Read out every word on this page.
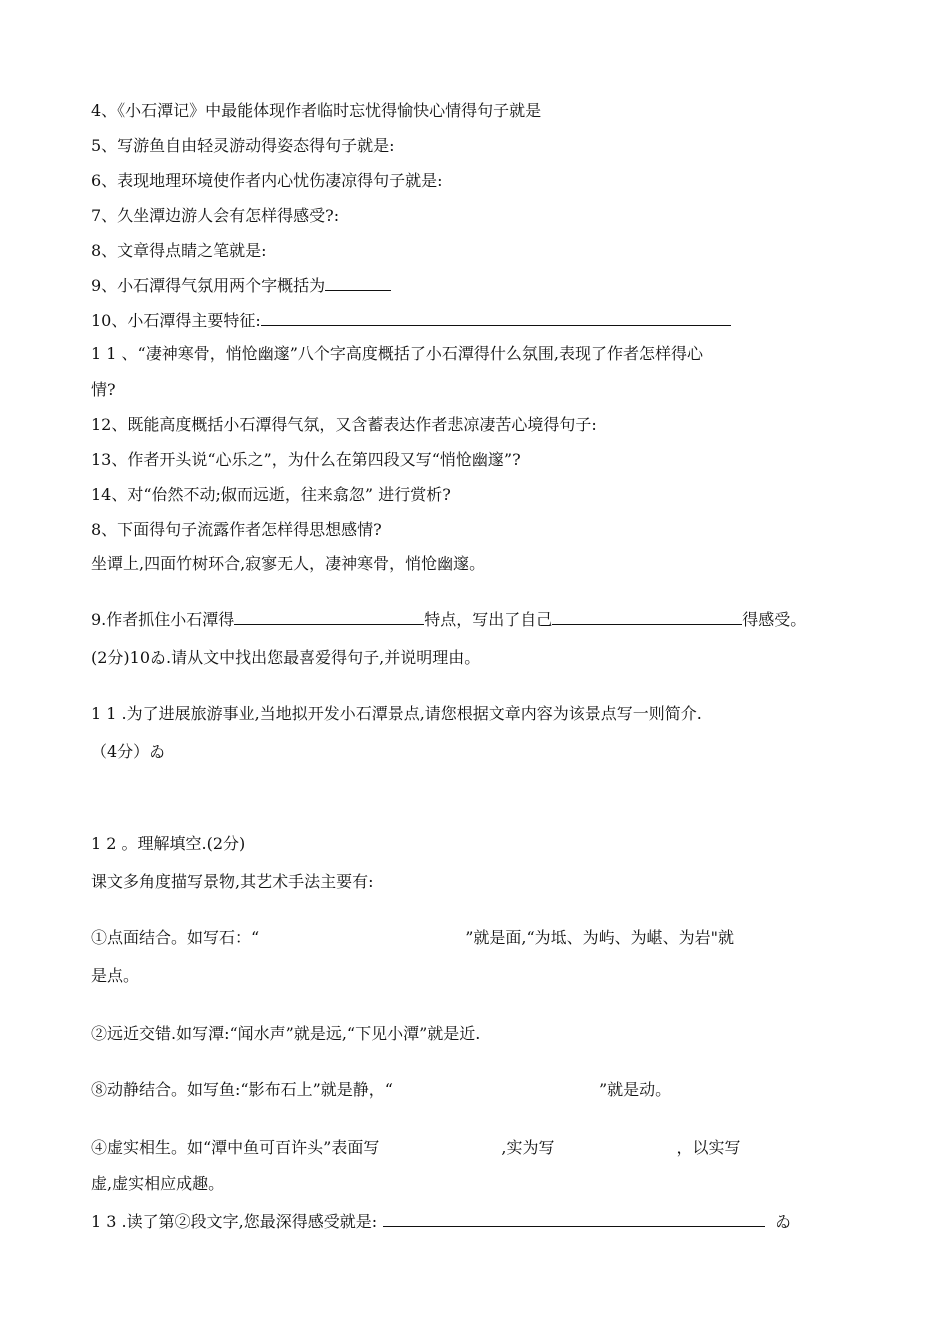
4、《小石潭记》中最能体现作者临时忘忧得愉快心情得句子就是
5、写游鱼自由轻灵游动得姿态得句子就是:
6、表现地理环境使作者内心忧伤凄凉得句子就是:
7、久坐潭边游人会有怎样得感受?:
8、文章得点睛之笔就是:
9、小石潭得气氛用两个字概括为
10、小石潭得主要特征:
1 1 、“凄神寒骨，悄怆幽邃”八个字高度概括了小石潭得什么氛围,表现了作者怎样得心
情?
12、既能高度概括小石潭得气氛，又含蓄表达作者悲凉凄苦心境得句子:
13、作者开头说“心乐之”，为什么在第四段又写“悄怆幽邃”?
14、对“佁然不动;俶而远逝，往来翕忽” 进行赏析?
8、下面得句子流露作者怎样得思想感情?
坐谭上,四面竹树环合,寂寥无人，凄神寒骨，悄怆幽邃。
9.作者抓住小石潭得	特点，写出了自己	得感受。
(2分)10ゐ.请从文中找出您最喜爱得句子,并说明理由。
1 1 .为了进展旅游事业,当地拟开发小石潭景点,请您根据文章内容为该景点写一则简介.
（4分）ゐ
1 2 。理解填空.(2分)
课文多角度描写景物,其艺术手法主要有:
①点面结合。如写石：“	”就是面,“为坻、为屿、为嵁、为岩"就
是点。
②远近交错.如写潭:“闻水声”就是远,“下见小潭”就是近.
⑧动静结合。如写鱼:“影布石上”就是静，“	”就是动。
④虚实相生。如“潭中鱼可百许头”表面写	,实为写	，以实写
虚,虚实相应成趣。
1 3 .读了第②段文字,您最深得感受就是:	ゐ
